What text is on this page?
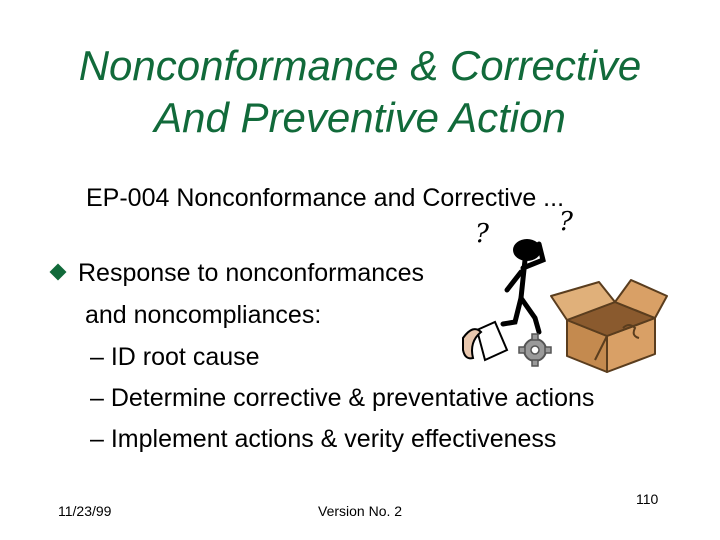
Nonconformance & Corrective
And Preventive Action
EP-004 Nonconformance and Corrective ...
Response to nonconformances
and noncompliances:
– ID root cause
– Determine corrective & preventative actions
– Implement actions & verity effectiveness
?	?
11/23/99	Version No. 2
110
